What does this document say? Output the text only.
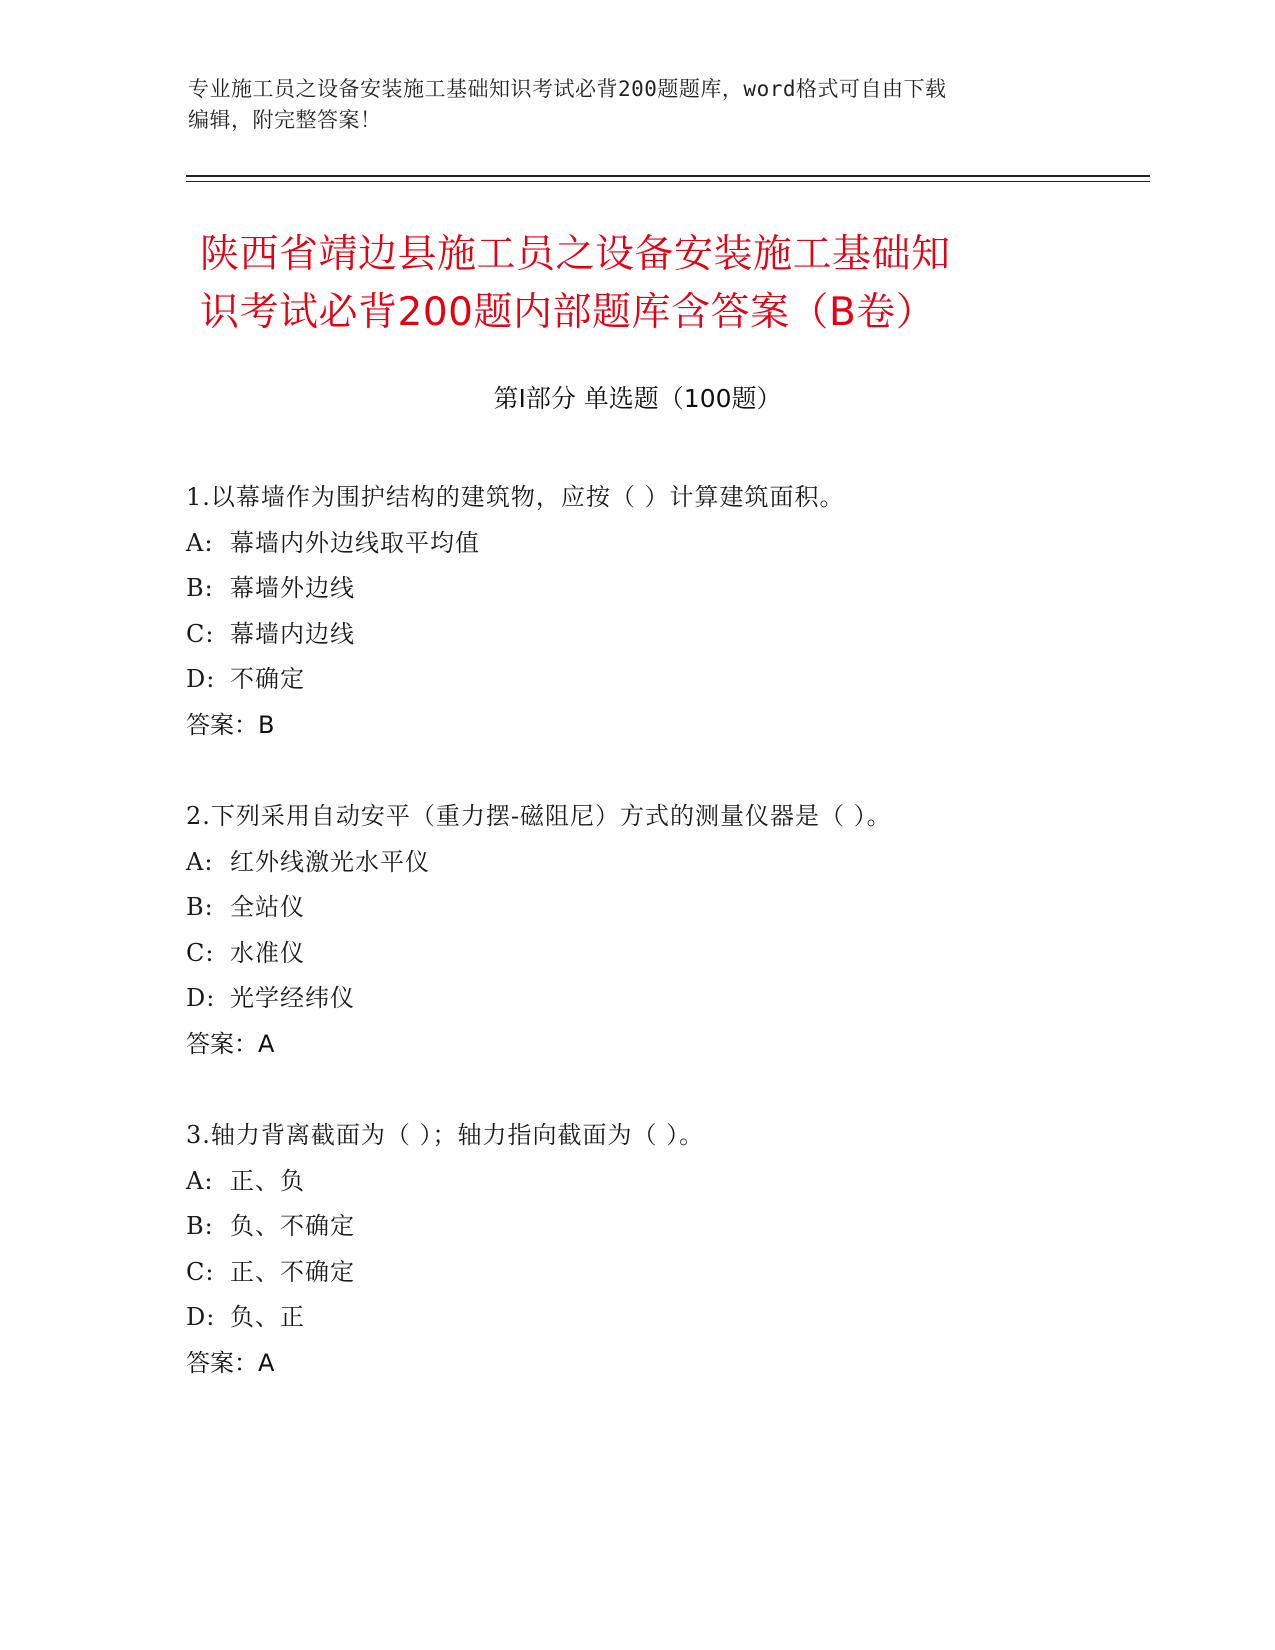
专业施工员之设备安装施工基础知识考试必背200题题库，word格式可自由下载
编辑，附完整答案！
陕西省靖边县施工员之设备安装施工基础知
识考试必背200题内部题库含答案（B卷）
第Ⅰ部分 单选题（100题）
1.以幕墙作为围护结构的建筑物，应按（ ）计算建筑面积。
A: 幕墙内外边线取平均值
B: 幕墙外边线
C: 幕墙内边线
D: 不确定
答案：B
2.下列采用自动安平（重力摆-磁阻尼）方式的测量仪器是（ ）。
A: 红外线激光水平仪
B: 全站仪
C: 水准仪
D: 光学经纬仪
答案：A
3.轴力背离截面为（ ）；轴力指向截面为（ ）。
A: 正、负
B: 负、不确定
C: 正、不确定
D: 负、正
答案：A
